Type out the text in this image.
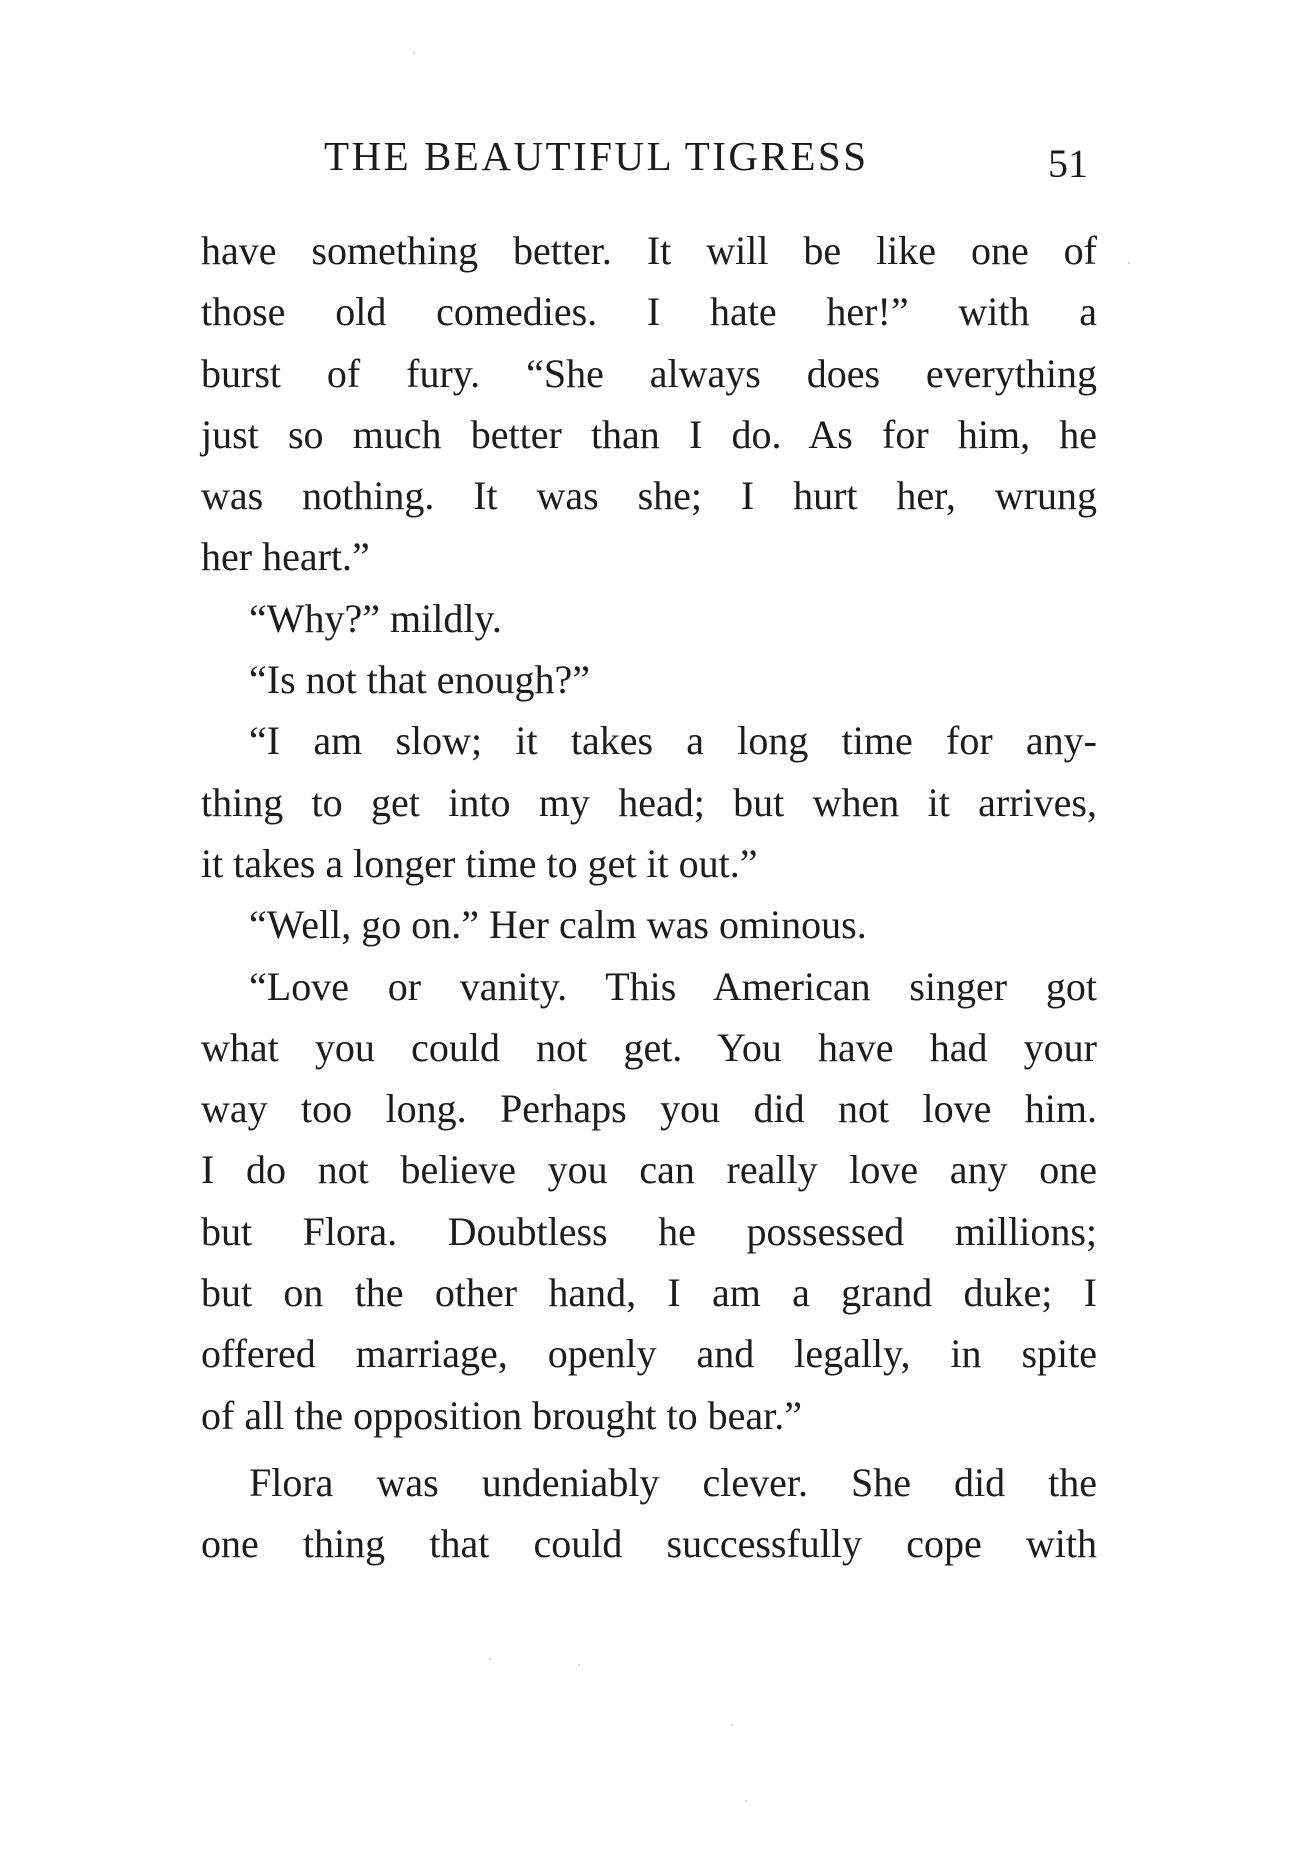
THE BEAUTIFUL TIGRESS	51
have something better. It will be like one of
those old comedies. I hate her!” with a
burst of fury. “She always does everything
just so much better than I do. As for him, he
was nothing. It was she; I hurt her, wrung
her heart.”
“Why?” mildly.
“Is not that enough?”
“I am slow; it takes a long time for any-
thing to get into my head; but when it arrives,
it takes a longer time to get it out.”
“Well, go on.” Her calm was ominous.
“Love or vanity. This American singer got
what you could not get. You have had your
way too long. Perhaps you did not love him.
I do not believe you can really love any one
but Flora. Doubtless he possessed millions;
but on the other hand, I am a grand duke; I
offered marriage, openly and legally, in spite
of all the opposition brought to bear.”
Flora was undeniably clever. She did the
one thing that could successfully cope with
